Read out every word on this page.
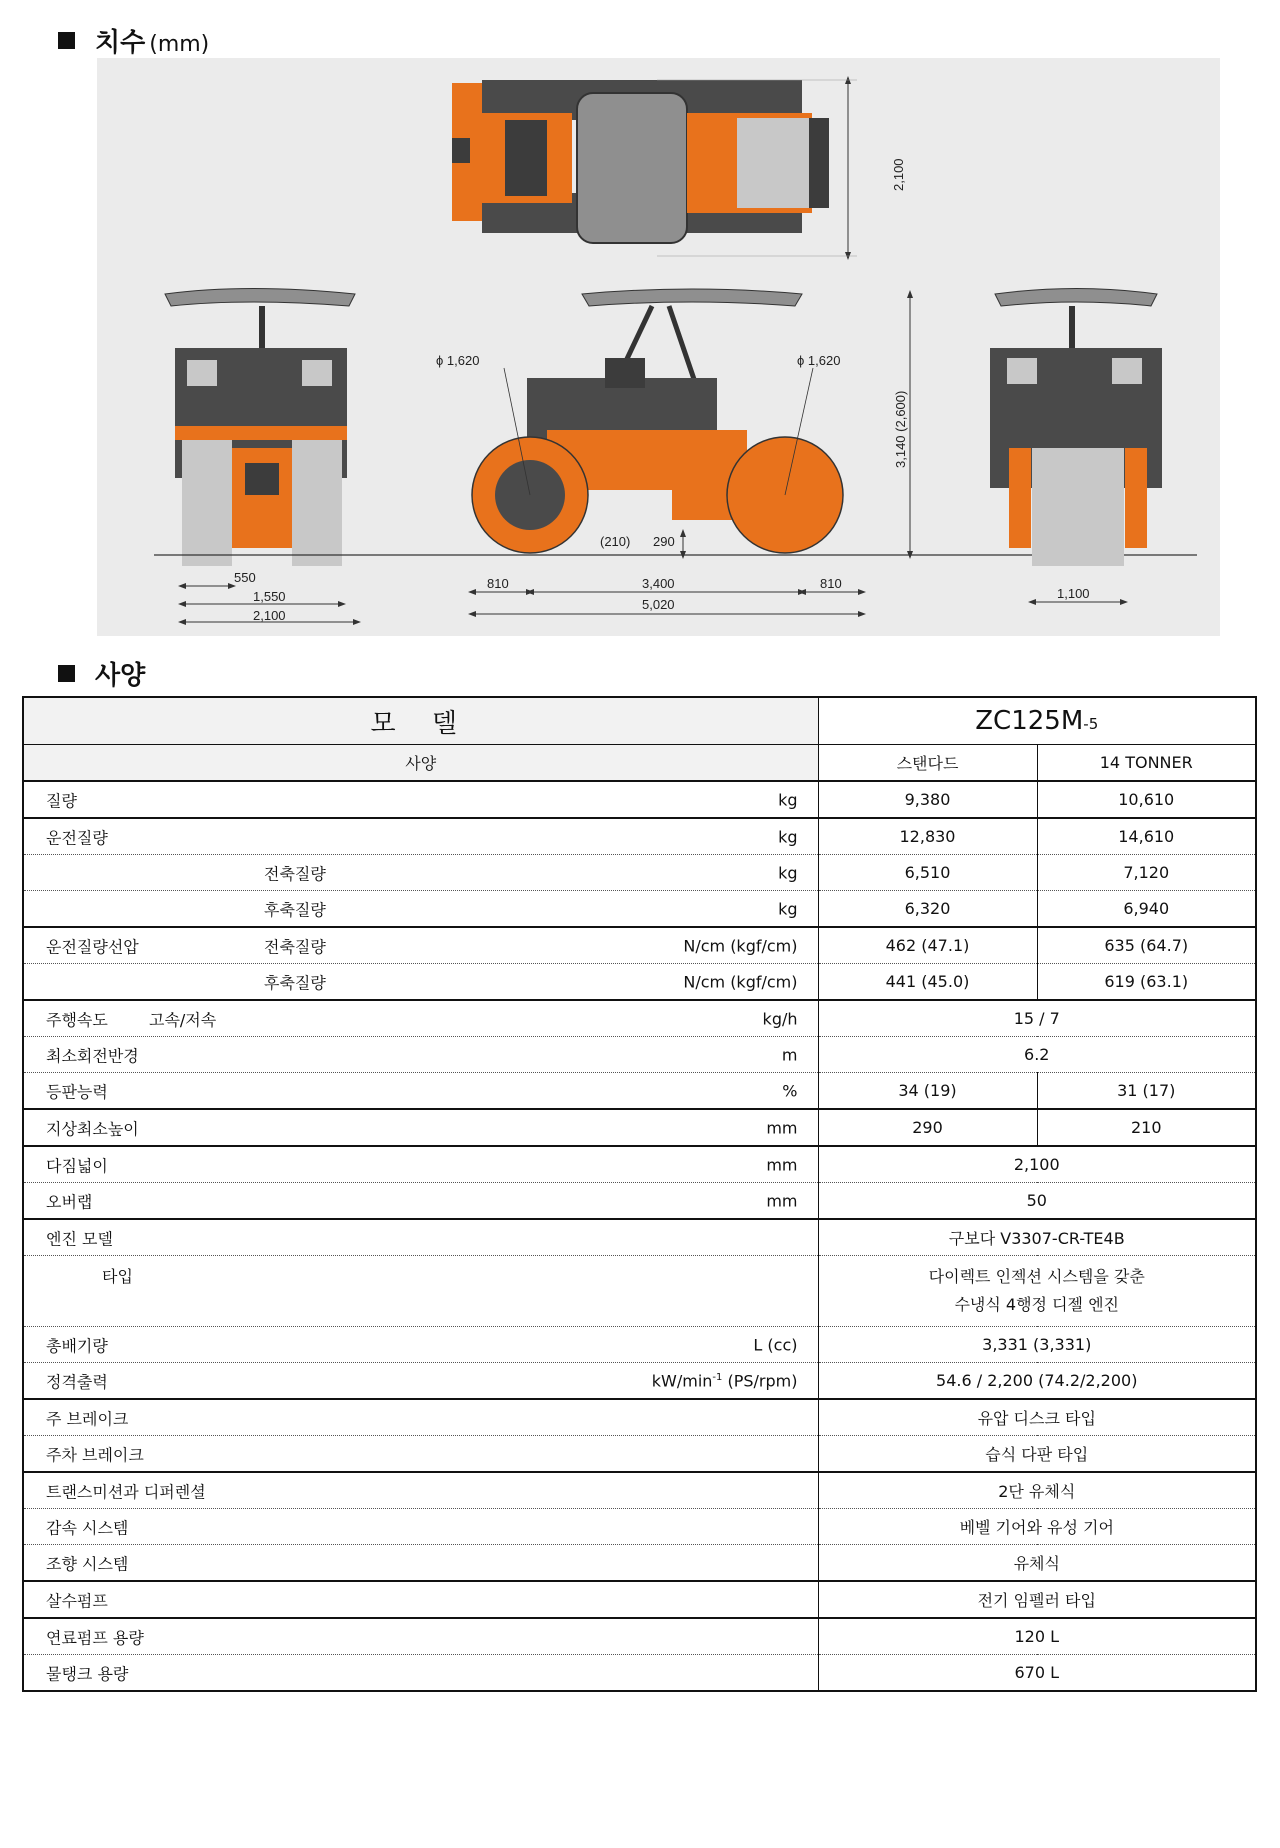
치수 (mm)
2,100
550
1,550
2,100
ϕ 1,620	ϕ 1,620
3,140 (2,600)
(210) 290
810	3,400	810
5,020
1,100
사양
모 델	ZC125M-5	
사양	스탠다드	14 TONNER

질량 kg	9,380	10,610

운전질량 kg	12,830	14,610

전축질량 kg	6,510	7,120

후축질량 kg	6,320	6,940

운전질량선압 전축질량 N/cm (kgf/cm)	462 (47.1)	635 (64.7)

후축질량 N/cm (kgf/cm)	441 (45.0)	619 (63.1)

주행속도 고속/저속 kg/h	15 / 7	

최소회전반경 m	6.2	

등판능력 %	34 (19)	31 (17)

지상최소높이 mm	290	210

다짐넓이 mm	2,100	

오버랩 mm	50	

엔진 모델	구보다 V3307-CR-TE4B	

타입	다이렉트 인젝션 시스템을 갖춘
수냉식 4행정 디젤 엔진	

총배기량 L (cc)	3,331 (3,331)	

정격출력 $kW/\min^{-1}$ (PS/rpm)	54.6 / 2,200 (74.2/2,200)	

주 브레이크	유압 디스크 타입	

주차 브레이크	습식 다판 타입	

트랜스미션과 디퍼렌셜	2단 유체식	

감속 시스템	베벨 기어와 유성 기어	

조향 시스템	유체식	

살수펌프	전기 임펠러 타입	

연료펌프 용량	120 L	

물탱크 용량	670 L	
